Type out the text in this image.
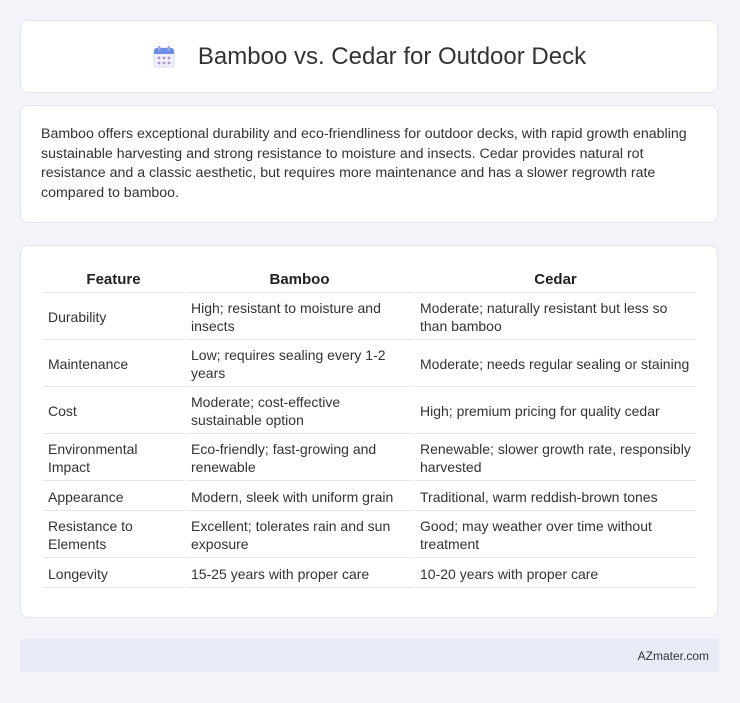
Bamboo vs. Cedar for Outdoor Deck

Bamboo offers exceptional durability and eco-friendliness for outdoor decks, with rapid growth enabling sustainable harvesting and strong resistance to moisture and insects. Cedar provides natural rot resistance and a classic aesthetic, but requires more maintenance and has a slower regrowth rate compared to bamboo.

Feature	Bamboo	Cedar
Durability	High; resistant to moisture and insects	Moderate; naturally resistant but less so than bamboo
Maintenance	Low; requires sealing every 1-2 years	Moderate; needs regular sealing or staining
Cost	Moderate; cost-effective sustainable option	High; premium pricing for quality cedar
Environmental Impact	Eco-friendly; fast-growing and renewable	Renewable; slower growth rate, responsibly harvested
Appearance	Modern, sleek with uniform grain	Traditional, warm reddish-brown tones
Resistance to Elements	Excellent; tolerates rain and sun exposure	Good; may weather over time without treatment
Longevity	15-25 years with proper care	10-20 years with proper care
AZmater.com
